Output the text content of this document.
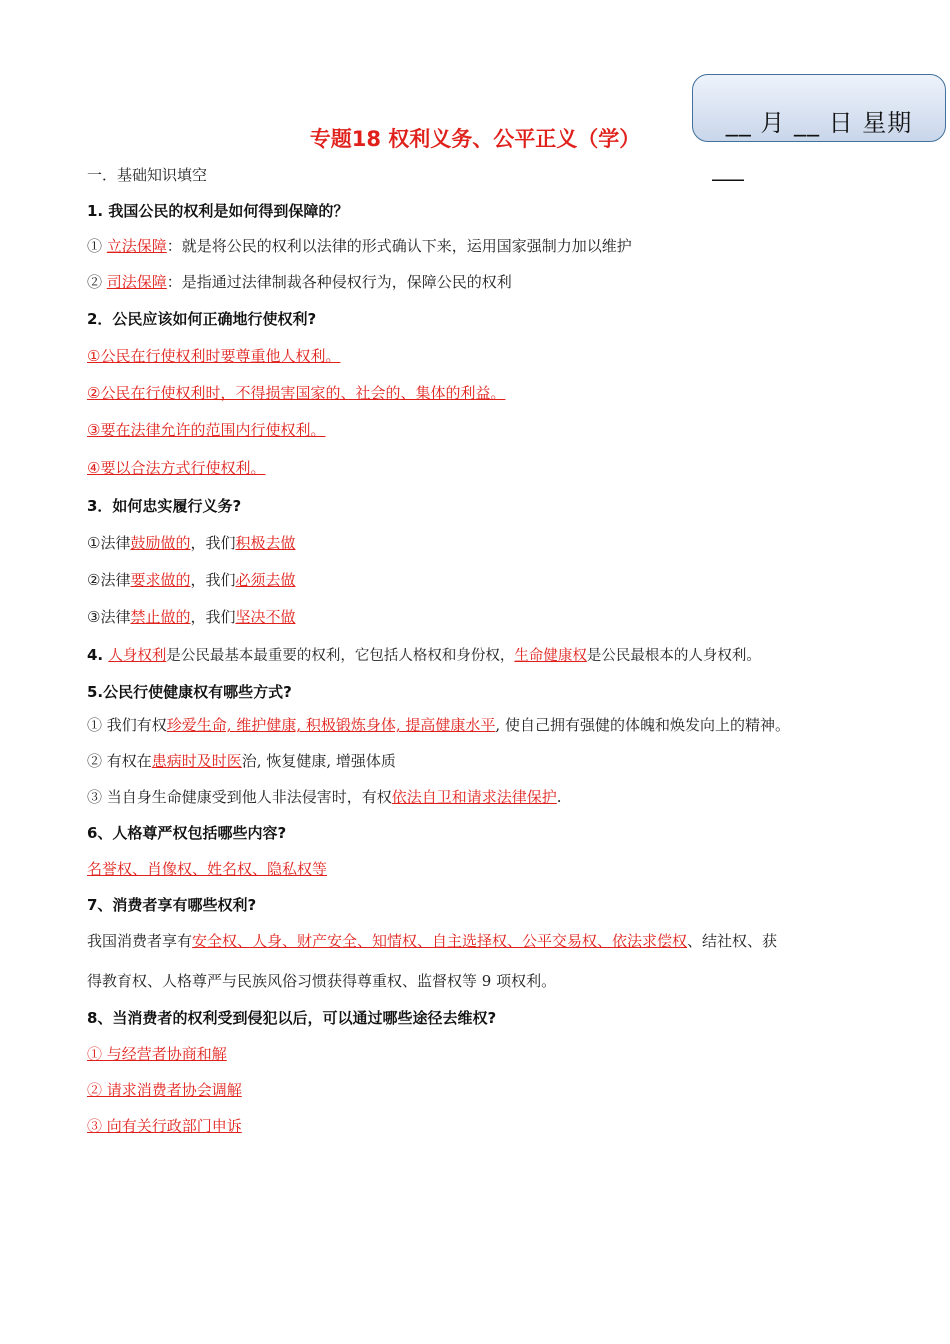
__ 月 __ 日 星期
____
专题18 权利义务、公平正义（学）
一．基础知识填空
1. 我国公民的权利是如何得到保障的？
① 立法保障：就是将公民的权利以法律的形式确认下来，运用国家强制力加以维护
② 司法保障：是指通过法律制裁各种侵权行为，保障公民的权利
2．公民应该如何正确地行使权利?
①公民在行使权利时要尊重他人权利。
②公民在行使权利时，不得损害国家的、社会的、集体的利益。
③要在法律允许的范围内行使权利。
④要以合法方式行使权利。
3．如何忠实履行义务?
①法律鼓励做的，我们积极去做
②法律要求做的，我们必须去做
③法律禁止做的，我们坚决不做
4. 人身权利是公民最基本最重要的权利，它包括人格权和身份权，生命健康权是公民最根本的人身权利。
5.公民行使健康权有哪些方式?
① 我们有权珍爱生命, 维护健康, 积极锻炼身体, 提高健康水平, 使自己拥有强健的体魄和焕发向上的精神。
② 有权在患病时及时医治, 恢复健康, 增强体质
③ 当自身生命健康受到他人非法侵害时，有权依法自卫和请求法律保护.
6、人格尊严权包括哪些内容?
名誉权、肖像权、姓名权、隐私权等
7、消费者享有哪些权利?
我国消费者享有安全权、人身、财产安全、知情权、自主选择权、公平交易权、依法求偿权、结社权、获
得教育权、人格尊严与民族风俗习惯获得尊重权、监督权等 9 项权利。
8、当消费者的权利受到侵犯以后，可以通过哪些途径去维权?
① 与经营者协商和解
② 请求消费者协会调解
③ 向有关行政部门申诉
